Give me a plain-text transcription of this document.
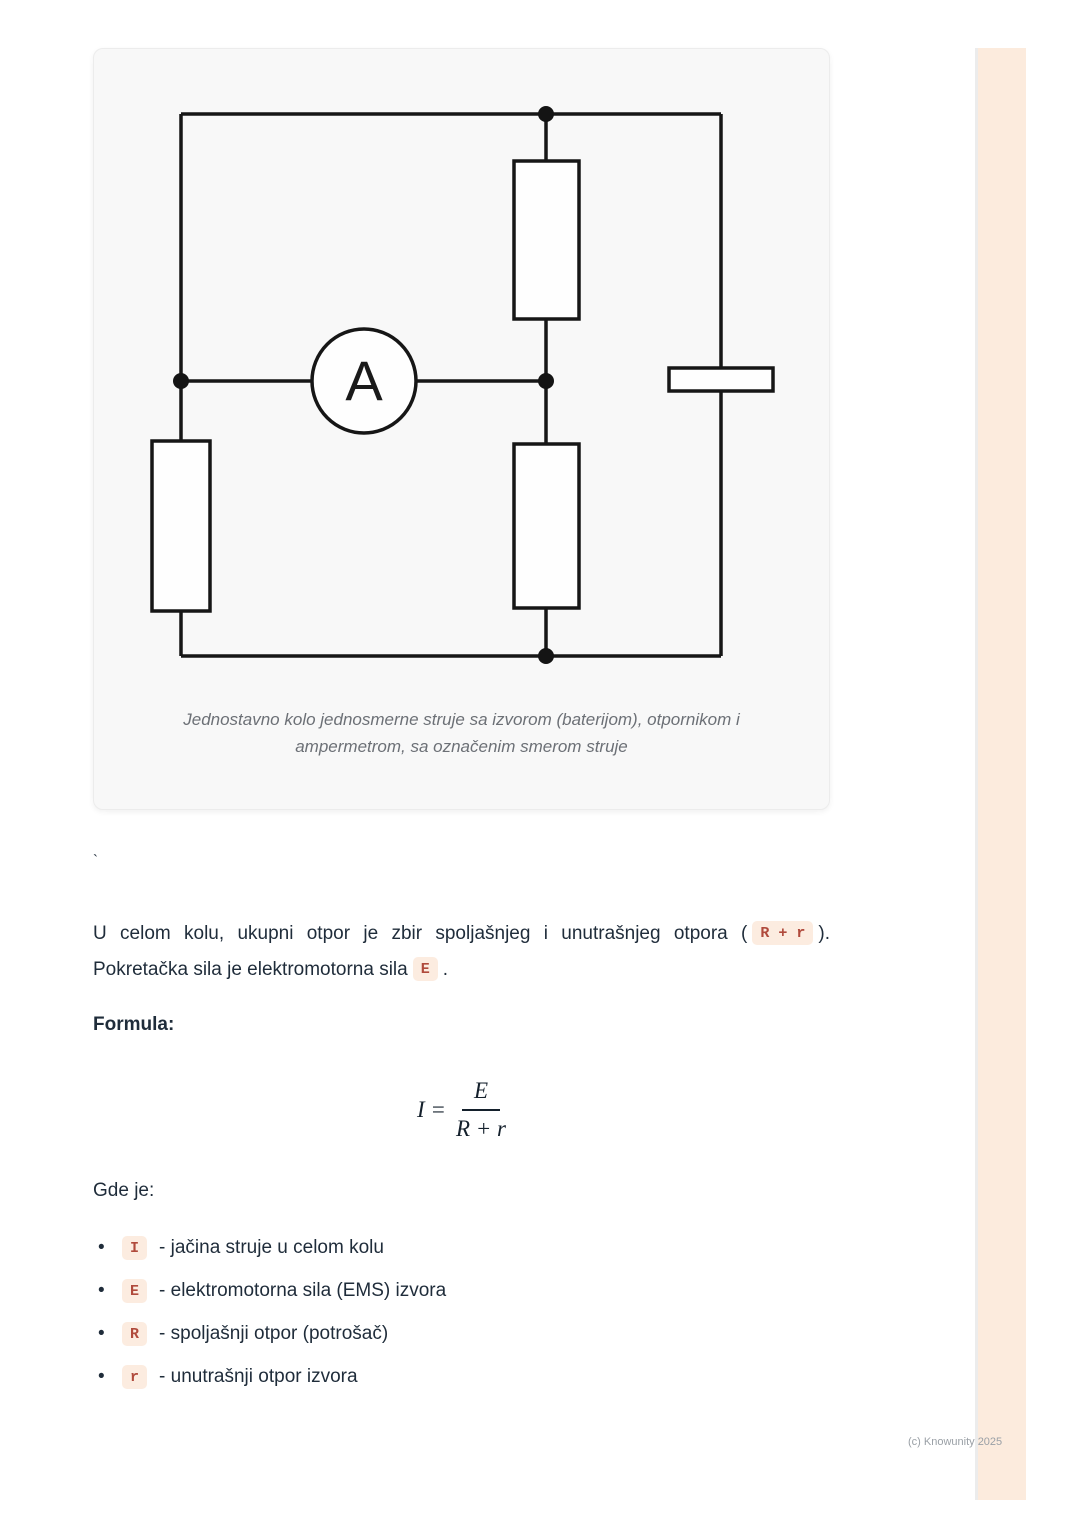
A
Jednostavno kolo jednosmerne struje sa izvorom (baterijom), otpornikom i
ampermetrom, sa označenim smerom struje
`
U celom kolu, ukupni otpor je zbir spoljašnjeg i unutrašnjeg otpora ( R + r ).
Pokretačka sila je elektromotorna sila E .
Formula:
$I = \frac{E}{R + r}$
Gde je:
•	I	- jačina struje u celom kolu
•	E	- elektromotorna sila (EMS) izvora
•	R	- spoljašnji otpor (potrošač)
•	r	- unutrašnji otpor izvora
(c) Knowunity 2025
